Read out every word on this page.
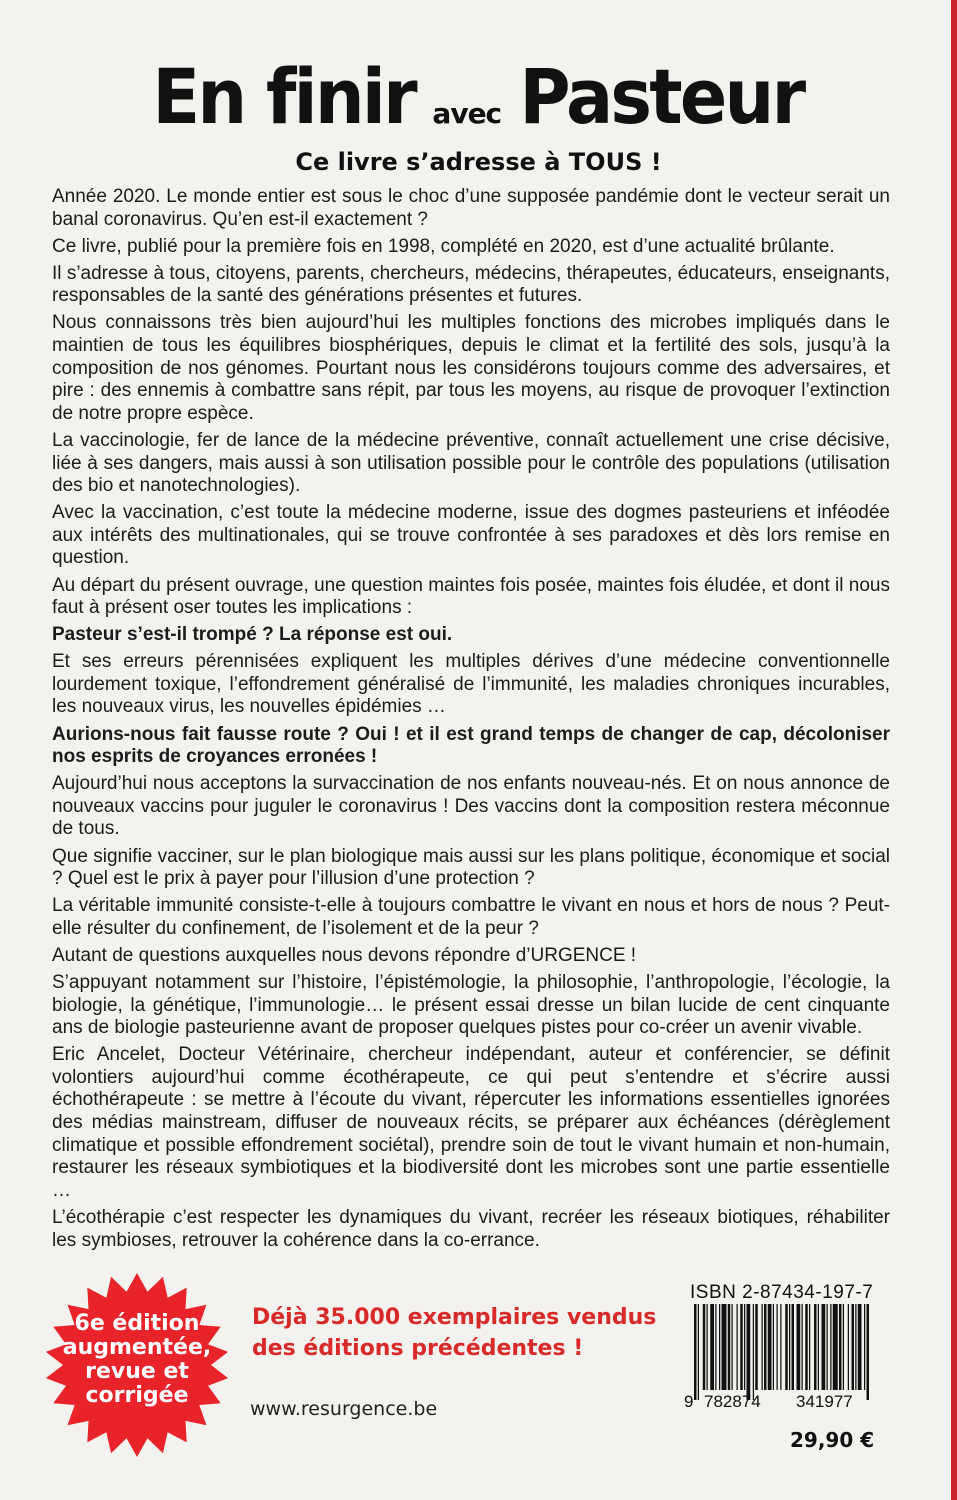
En finir avec Pasteur
Ce livre s’adresse à TOUS !

Année 2020. Le monde entier est sous le choc d’une supposée pandémie dont le vecteur serait un banal coronavirus. Qu’en est-il exactement ?

Ce livre, publié pour la première fois en 1998, complété en 2020, est d’une actualité brûlante.

Il s’adresse à tous, citoyens, parents, chercheurs, médecins, thérapeutes, éducateurs, enseignants, responsables de la santé des générations présentes et futures.

Nous connaissons très bien aujourd’hui les multiples fonctions des microbes impliqués dans le maintien de tous les équilibres biosphériques, depuis le climat et la fertilité des sols, jusqu’à la composition de nos génomes. Pourtant nous les considérons toujours comme des adversaires, et pire : des ennemis à combattre sans répit, par tous les moyens, au risque de provoquer l’extinction de notre propre espèce.

La vaccinologie, fer de lance de la médecine préventive, connaît actuellement une crise décisive, liée à ses dangers, mais aussi à son utilisation possible pour le contrôle des populations (utilisation des bio et nanotechnologies).

Avec la vaccination, c’est toute la médecine moderne, issue des dogmes pasteuriens et inféodée aux intérêts des multinationales, qui se trouve confrontée à ses paradoxes et dès lors remise en question.

Au départ du présent ouvrage, une question maintes fois posée, maintes fois éludée, et dont il nous faut à présent oser toutes les implications :

Pasteur s’est-il trompé ? La réponse est oui.

Et ses erreurs pérennisées expliquent les multiples dérives d’une médecine conventionnelle lourdement toxique, l’effondrement généralisé de l’immunité, les maladies chroniques incurables, les nouveaux virus, les nouvelles épidémies …

Aurions-nous fait fausse route ? Oui ! et il est grand temps de changer de cap, décoloniser nos esprits de croyances erronées !

Aujourd’hui nous acceptons la survaccination de nos enfants nouveau-nés. Et on nous annonce de nouveaux vaccins pour juguler le coronavirus ! Des vaccins dont la composition restera méconnue de tous.

Que signifie vacciner, sur le plan biologique mais aussi sur les plans politique, économique et social ? Quel est le prix à payer pour l’illusion d’une protection ?

La véritable immunité consiste-t-elle à toujours combattre le vivant en nous et hors de nous ? Peut-elle résulter du confinement, de l’isolement et de la peur ?

Autant de questions auxquelles nous devons répondre d’URGENCE !

S’appuyant notamment sur l’histoire, l’épistémologie, la philosophie, l’anthropologie, l’écologie, la biologie, la génétique, l’immunologie… le présent essai dresse un bilan lucide de cent cinquante ans de biologie pasteurienne avant de proposer quelques pistes pour co-créer un avenir vivable.

Eric Ancelet, Docteur Vétérinaire, chercheur indépendant, auteur et conférencier, se définit volontiers aujourd’hui comme écothérapeute, ce qui peut s’entendre et s’écrire aussi échothérapeute : se mettre à l’écoute du vivant, répercuter les informations essentielles ignorées des médias mainstream, diffuser de nouveaux récits, se préparer aux échéances (dérèglement climatique et possible effondrement sociétal), prendre soin de tout le vivant humain et non-humain, restaurer les réseaux symbiotiques et la biodiversité dont les microbes sont une partie essentielle …

L’écothérapie c’est respecter les dynamiques du vivant, recréer les réseaux biotiques, réhabiliter les symbioses, retrouver la cohérence dans la co-errance.

6e édition
augmentée,
revue et
corrigée
Déjà 35.000 exemplaires vendus
des éditions précédentes !
www.resurgence.be
ISBN 2-87434-197-7
9 782874 341977
29,90 €
